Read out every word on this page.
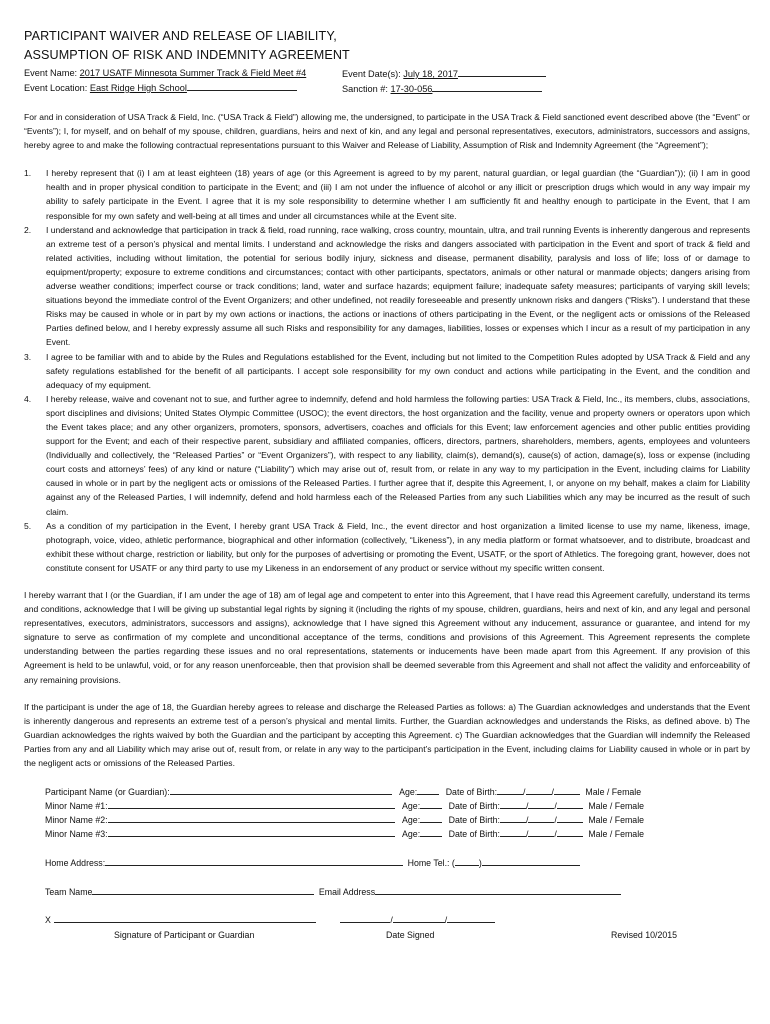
PARTICIPANT WAIVER AND RELEASE OF LIABILITY,
ASSUMPTION OF RISK AND INDEMNITY AGREEMENT
Event Name: 2017 USATF Minnesota Summer Track & Field Meet #4
Event Location: East Ridge High School
Event Date(s): July 18, 2017
Sanction #: 17-30-056

For and in consideration of USA Track & Field, Inc. (“USA Track & Field”) allowing me, the undersigned, to participate in the USA Track & Field sanctioned event described above (the “Event” or “Events”); I, for myself, and on behalf of my spouse, children, guardians, heirs and next of kin, and any legal and personal representatives, executors, administrators, successors and assigns, hereby agree to and make the following contractual representations pursuant to this Waiver and Release of Liability, Assumption of Risk and Indemnity Agreement (the “Agreement”);

1. I hereby represent that (i) I am at least eighteen (18) years of age (or this Agreement is agreed to by my parent, natural guardian, or legal guardian (the “Guardian”)); (ii) I am in good health and in proper physical condition to participate in the Event; and (iii) I am not under the influence of alcohol or any illicit or prescription drugs which would in any way impair my ability to safely participate in the Event. I agree that it is my sole responsibility to determine whether I am sufficiently fit and healthy enough to participate in the Event, that I am responsible for my own safety and well-being at all times and under all circumstances while at the Event site.
2. I understand and acknowledge that participation in track & field, road running, race walking, cross country, mountain, ultra, and trail running Events is inherently dangerous and represents an extreme test of a person’s physical and mental limits. I understand and acknowledge the risks and dangers associated with participation in the Event and sport of track & field and related activities, including without limitation, the potential for serious bodily injury, sickness and disease, permanent disability, paralysis and loss of life; loss of or damage to equipment/property; exposure to extreme conditions and circumstances; contact with other participants, spectators, animals or other natural or manmade objects; dangers arising from adverse weather conditions; imperfect course or track conditions; land, water and surface hazards; equipment failure; inadequate safety measures; participants of varying skill levels; situations beyond the immediate control of the Event Organizers; and other undefined, not readily foreseeable and presently unknown risks and dangers (“Risks”). I understand that these Risks may be caused in whole or in part by my own actions or inactions, the actions or inactions of others participating in the Event, or the negligent acts or omissions of the Released Parties defined below, and I hereby expressly assume all such Risks and responsibility for any damages, liabilities, losses or expenses which I incur as a result of my participation in any Event.
3. I agree to be familiar with and to abide by the Rules and Regulations established for the Event, including but not limited to the Competition Rules adopted by USA Track & Field and any safety regulations established for the benefit of all participants. I accept sole responsibility for my own conduct and actions while participating in the Event, and the condition and adequacy of my equipment.
4. I hereby release, waive and covenant not to sue, and further agree to indemnify, defend and hold harmless the following parties: USA Track & Field, Inc., its members, clubs, associations, sport disciplines and divisions; United States Olympic Committee (USOC); the event directors, the host organization and the facility, venue and property owners or operators upon which the Event takes place; and any other organizers, promoters, sponsors, advertisers, coaches and officials for this Event; law enforcement agencies and other public entities providing support for the Event; and each of their respective parent, subsidiary and affiliated companies, officers, directors, partners, shareholders, members, agents, employees and volunteers (Individually and collectively, the “Released Parties” or “Event Organizers”), with respect to any liability, claim(s), demand(s), cause(s) of action, damage(s), loss or expense (including court costs and attorneys’ fees) of any kind or nature (“Liability”) which may arise out of, result from, or relate in any way to my participation in the Event, including claims for Liability caused in whole or in part by the negligent acts or omissions of the Released Parties. I further agree that if, despite this Agreement, I, or anyone on my behalf, makes a claim for Liability against any of the Released Parties, I will indemnify, defend and hold harmless each of the Released Parties from any such Liabilities which any may be incurred as the result of such claim.
5. As a condition of my participation in the Event, I hereby grant USA Track & Field, Inc., the event director and host organization a limited license to use my name, likeness, image, photograph, voice, video, athletic performance, biographical and other information (collectively, “Likeness”), in any media platform or format whatsoever, and to distribute, broadcast and exhibit these without charge, restriction or liability, but only for the purposes of advertising or promoting the Event, USATF, or the sport of Athletics. The foregoing grant, however, does not constitute consent for USATF or any third party to use my Likeness in an endorsement of any product or service without my specific written consent.

I hereby warrant that I (or the Guardian, if I am under the age of 18) am of legal age and competent to enter into this Agreement, that I have read this Agreement carefully, understand its terms and conditions, acknowledge that I will be giving up substantial legal rights by signing it (including the rights of my spouse, children, guardians, heirs and next of kin, and any legal and personal representatives, executors, administrators, successors and assigns), acknowledge that I have signed this Agreement without any inducement, assurance or guarantee, and intend for my signature to serve as confirmation of my complete and unconditional acceptance of the terms, conditions and provisions of this Agreement. This Agreement represents the complete understanding between the parties regarding these issues and no oral representations, statements or inducements have been made apart from this Agreement. If any provision of this Agreement is held to be unlawful, void, or for any reason unenforceable, then that provision shall be deemed severable from this Agreement and shall not affect the validity and enforceability of any remaining provisions.

If the participant is under the age of 18, the Guardian hereby agrees to release and discharge the Released Parties as follows: a) The Guardian acknowledges and understands that the Event is inherently dangerous and represents an extreme test of a person’s physical and mental limits. Further, the Guardian acknowledges and understands the Risks, as defined above. b) The Guardian acknowledges the rights waived by both the Guardian and the participant by accepting this Agreement. c) The Guardian acknowledges that the Guardian will indemnify the Released Parties from any and all Liability which may arise out of, result from, or relate in any way to the participant’s participation in the Event, including claims for Liability caused in whole or in part by the negligent acts or omissions of the Released Parties.

Participant Name (or Guardian):	Age:	Date of Birth:	/	/	Male / Female
Minor Name #1:	Age:	Date of Birth:	/	/	Male / Female
Minor Name #2:	Age:	Date of Birth:	/	/	Male / Female
Minor Name #3:	Age:	Date of Birth:	/	/	Male / Female
Home Address:	Home Tel.: (	)
Team Name	Email Address
X	/	/
Signature of Participant or Guardian	Date Signed	Revised 10/2015
